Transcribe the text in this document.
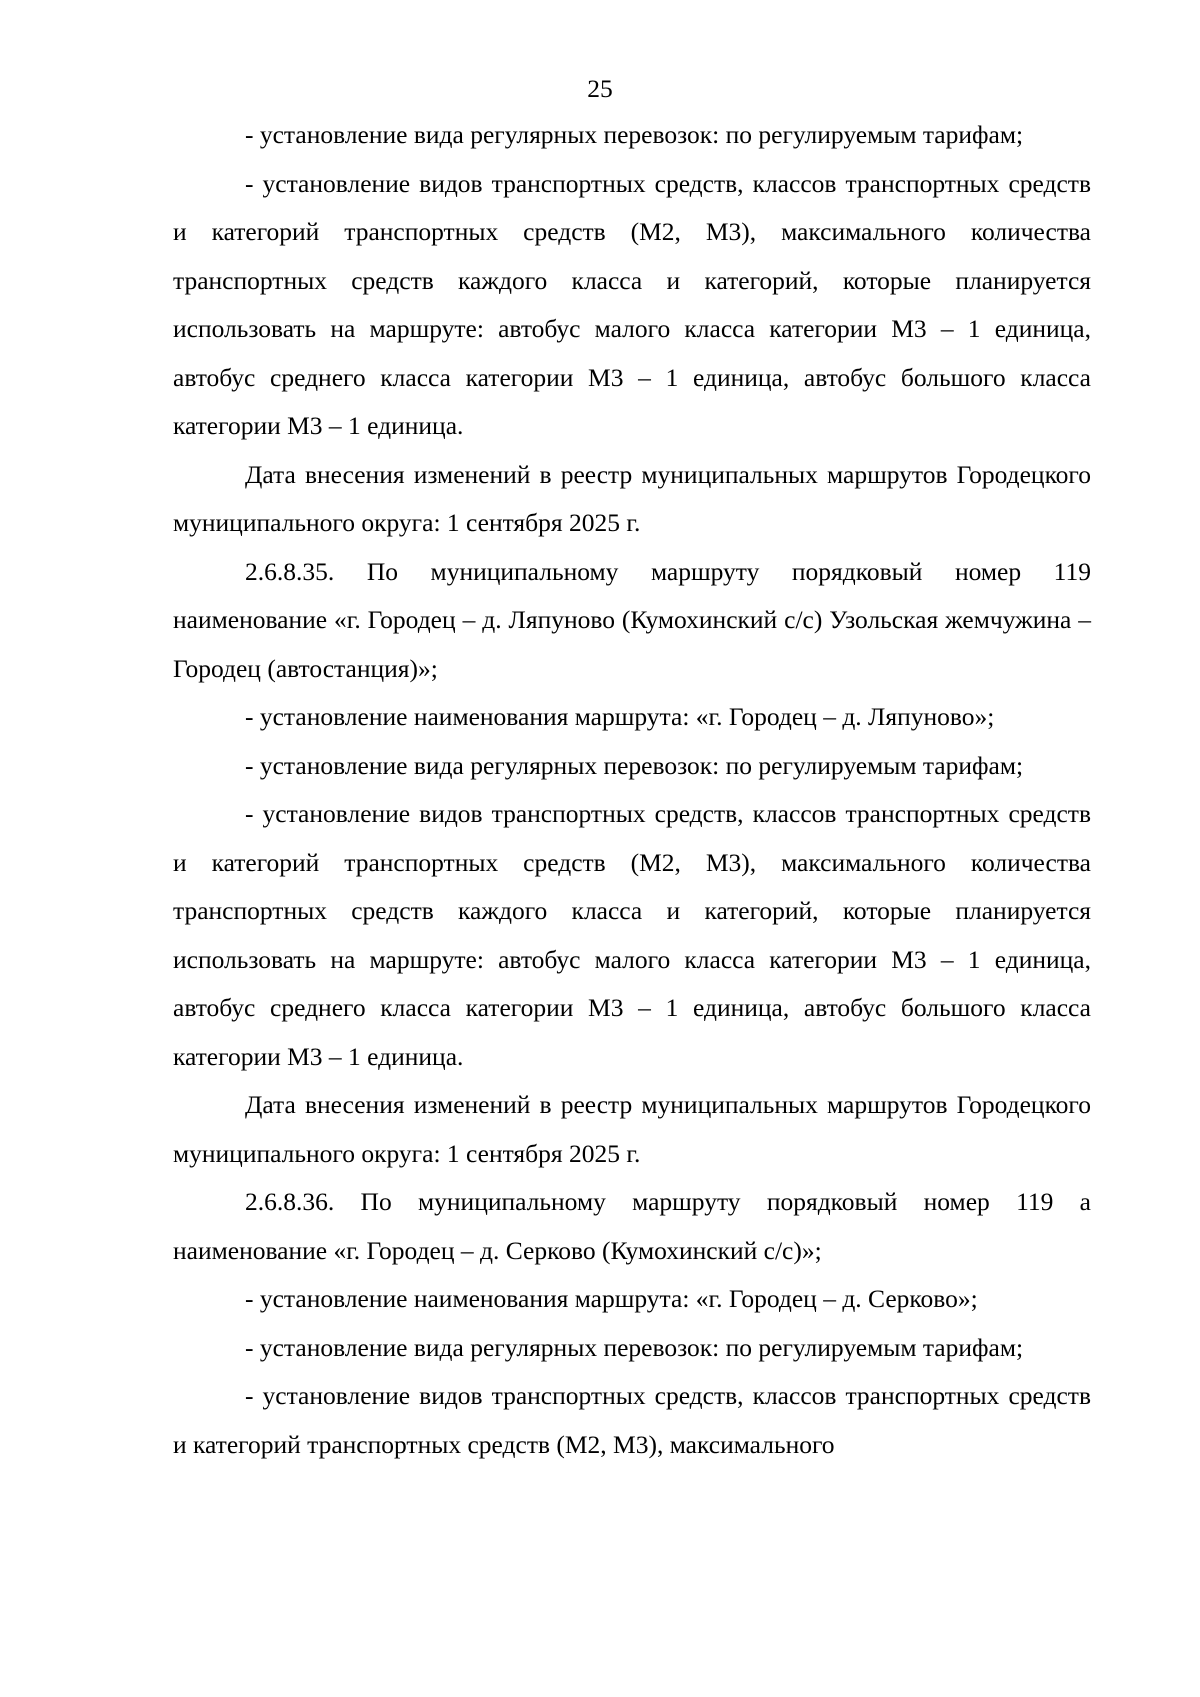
25

- установление вида регулярных перевозок: по регулируемым тарифам;

- установление видов транспортных средств, классов транспортных средств и категорий транспортных средств (М2, М3), максимального количества транспортных средств каждого класса и категорий, которые планируется использовать на маршруте: автобус малого класса категории М3 – 1 единица, автобус среднего класса категории М3 – 1 единица, автобус большого класса категории М3 – 1 единица.

Дата внесения изменений в реестр муниципальных маршрутов Городецкого муниципального округа: 1 сентября 2025 г.

2.6.8.35. По муниципальному маршруту порядковый номер 119 наименование «г. Городец – д. Ляпуново (Кумохинский с/с) Узольская жемчужина – Городец (автостанция)»;

- установление наименования маршрута: «г. Городец – д. Ляпуново»;

- установление вида регулярных перевозок: по регулируемым тарифам;

- установление видов транспортных средств, классов транспортных средств и категорий транспортных средств (М2, М3), максимального количества транспортных средств каждого класса и категорий, которые планируется использовать на маршруте: автобус малого класса категории М3 – 1 единица, автобус среднего класса категории М3 – 1 единица, автобус большого класса категории М3 – 1 единица.

Дата внесения изменений в реестр муниципальных маршрутов Городецкого муниципального округа: 1 сентября 2025 г.

2.6.8.36. По муниципальному маршруту порядковый номер 119 а наименование «г. Городец – д. Серково (Кумохинский с/с)»;

- установление наименования маршрута: «г. Городец – д. Серково»;

- установление вида регулярных перевозок: по регулируемым тарифам;

- установление видов транспортных средств, классов транспортных средств и категорий транспортных средств (М2, М3), максимального
